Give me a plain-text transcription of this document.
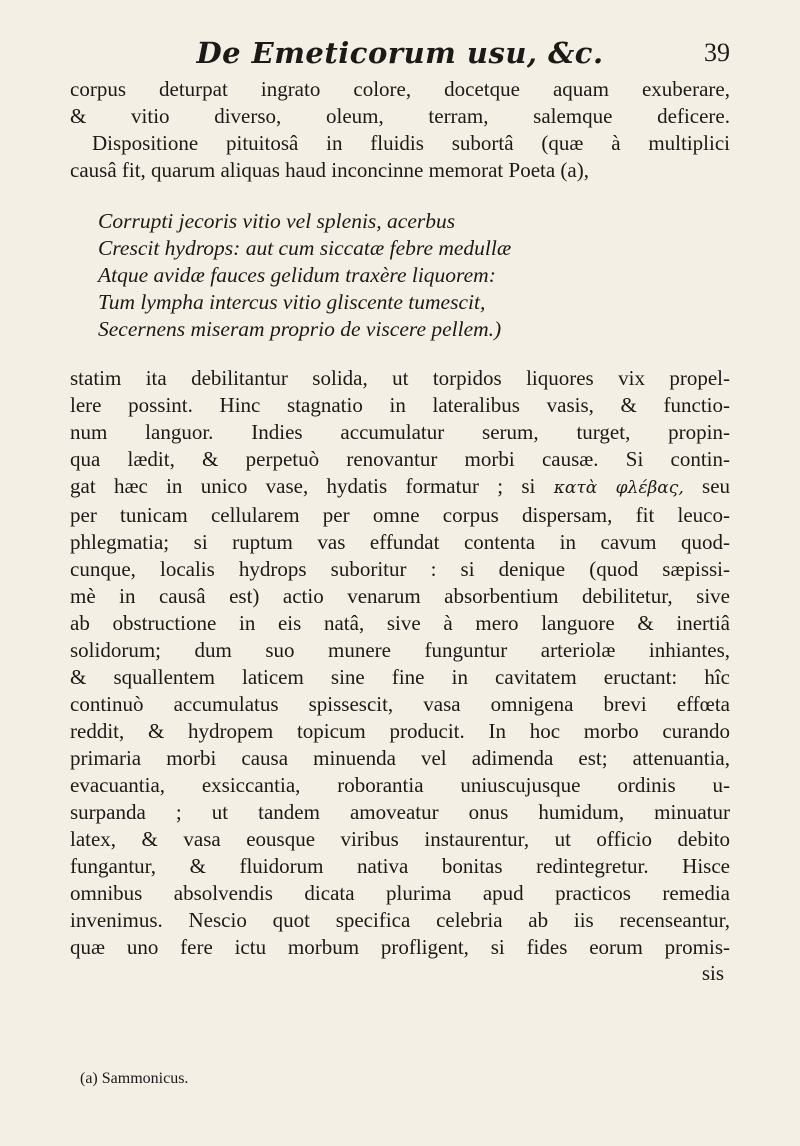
De Emeticorum usu, &c.	39
corpus deturpat ingrato colore, docetque aquam exuberare,
& vitio diverso, oleum, terram, salemque deficere.
Dispositione pituitosâ in fluidis subortâ (quæ à multiplici
causâ fit, quarum aliquas haud inconcinne memorat Poeta (a),
Corrupti jecoris vitio vel splenis, acerbus
Crescit hydrops: aut cum siccatæ febre medullæ
Atque avidæ fauces gelidum traxère liquorem:
Tum lympha intercus vitio gliscente tumescit,
Secernens miseram proprio de viscere pellem.)
statim ita debilitantur solida, ut torpidos liquores vix propel-
lere possint. Hinc stagnatio in lateralibus vasis, & functio-
num languor. Indies accumulatur serum, turget, propin-
qua lædit, & perpetuò renovantur morbi causæ. Si contin-
gat hæc in unico vase, hydatis formatur ; si κατὰ φλέβας, seu
per tunicam cellularem per omne corpus dispersam, fit leuco-
phlegmatia; si ruptum vas effundat contenta in cavum quod-
cunque, localis hydrops suboritur : si denique (quod sæpissi-
mè in causâ est) actio venarum absorbentium debilitetur, sive
ab obstructione in eis natâ, sive à mero languore & inertiâ
solidorum; dum suo munere funguntur arteriolæ inhiantes,
& squallentem laticem sine fine in cavitatem eructant: hîc
continuò accumulatus spissescit, vasa omnigena brevi effœta
reddit, & hydropem topicum producit. In hoc morbo curando
primaria morbi causa minuenda vel adimenda est; attenuantia,
evacuantia, exsiccantia, roborantia uniuscujusque ordinis u-
surpanda ; ut tandem amoveatur onus humidum, minuatur
latex, & vasa eousque viribus instaurentur, ut officio debito
fungantur, & fluidorum nativa bonitas redintegretur. Hisce
omnibus absolvendis dicata plurima apud practicos remedia
invenimus. Nescio quot specifica celebria ab iis recenseantur,
quæ uno fere ictu morbum profligent, si fides eorum promis-
sis
(a) Sammonicus.
